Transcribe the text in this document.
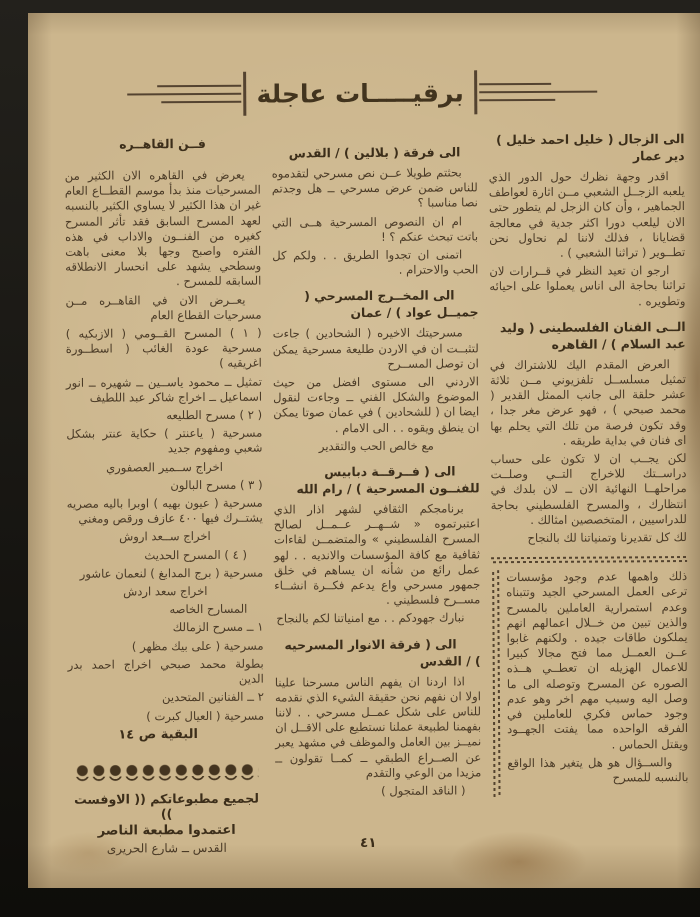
برقيـــــات عاجلة
الى الزجال ( خليل احمد خليل ) دير عمار

اقدر وجهة نظرك حول الدور الذي يلعبه الزجــل الشعبي مــن اثارة لعواطف الجماهير ، وأن كان الزجل لم يتطور حتى الان ليلعب دورا اكثر جدية في معالجة قضايانا ، فذلك لاننا لم نحاول نحن تطــوير ( تراثنا الشعبي ) .

ارجو ان تعيد النظر في قــرارات لان تراثنا بحاجة الى اناس يعملوا على احيائه وتطويره .

الــى الفنان الفلسطينى ( وليد عبد السلام ) / القاهره

العرض المقدم اليك للاشتراك في تمثيل مسلســل تلفزيوني مــن ثلاثة عشر حلقة الى جانب الممثل القدير ( محمد صبحي ) ، فهو عرض مغر جدا ، وقد تكون فرصة من تلك التي يحلم بها اى فنان في بداية طريقه .

لكن يجــب ان لا تكون على حساب دراســتك للاخراج التــي وصلــت مراحلهــا النهائية الان ــ لان بلدك في انتظارك ، والمسرح الفلسطيني بحاجة للدراسيين ، المتخصصين امثالك .

لك كل تقديرنا وتمنياتنا لك بالنجاح

ذلك واهمها عدم وجود مؤسسات ترعى العمل المسرحي الجيد وتتبناه وعدم استمرارية العاملين بالمسرح والذين تبين من خــلال اعمالهم انهم يملكون طاقات جيده . ولكنهم غابوا عــن العمــل مما فتح مجالا كبيرا للاعمال الهزيله ان تعطــي هــذه الصوره عن المسرح وتوصله الى ما وصل اليه وسبب مهم اخر وهو عدم وجود حماس فكري للعاملين في الفرقه الواحده مما يفتت الجهــود ويقتل الحماس .

والســؤال هو هل يتغير هذا الواقع بالنسبه للمسرح

الى فرقة ( بلالين ) / القدس

بحثتم طويلا عــن نص مسرحي لتقدموه للناس ضمن عرض مسرحي ــ هل وجدتم نصا مناسبا ؟

ام ان النصوص المسرحية هــى التي باتت تبحث عنكم ؟ !

اتمنى ان تجدوا الطريق . . ولكم كل الحب والاحترام .

الى المخــرج المسرحي ( جميــل عواد ) / عمان

مسرحيتك الاخيره ( الشحادين ) جاءت لتثبــت ان في الاردن طليعة مسرحية يمكن ان توصل المســرح

الاردني الى مستوى افضل من حيث الموضوع والشكل الفني ــ وجاءت لنقول ايضا ان ( للشحادين ) في عمان صوتا يمكن ان ينطق ويقوه . . الى الامام .

مع خالص الحب والتقدير

الى ( فــرقــة دبابيس للفنــون المسرحية ) / رام الله

برنامجكم الثقافي لشهر اذار الذي اعتبرتموه « شــهــر عــمــل لصالح المسرح الفلسطيني » والمتضمــن لقاءات ثقافية مع كافة المؤسسات والانديه . . لهو عمل رائع من شأنه ان يساهم في خلق جمهور مسرحي واع يدعم فكــرة انشــاء مســرح فلسطيني .

نبارك جهودكم . . مع امنياتنا لكم بالنجاح

الى ( فرقة الانوار المسرحيه ) / القدس

اذا اردنا ان يفهم الناس مسرحنا علينا اولا ان نفهم نحن حقيقة الشيء الذي نقدمه للناس على شكل عمــل مسرحي . . لاننا بفهمنا لطبيعة عملنا نستطيع على الاقــل ان نميــز بين العامل والموظف في مشهد يعبر عن الصــراع الطبقي ــ كمــا تقولون ــ مزيدا من الوعي والتقدم

( الناقد المتجول )

فــن القاهــره

يعرض في القاهره الان الكثير من المسرحيات منذ بدأ موسم القطــاع العام غير ان هذا الكثير لا يساوي الكثير بالنسبه لعهد المسرح السابق فقد تأثر المسرح كغيره من الفنــون والاداب في هذه الفتره واصبح وجها بلا معنى باهت وسطحي يشهد على انحسار الانطلاقه السابقه للمسرح .

يعــرض الان في القاهــره مــن مسرحيات القطاع العام

( ١ ) المسرح القــومي ( الازبكيه ) مسرحية عودة الغائب ( اسطــورة اغريقيه )

تمثيل ــ محمود ياســين ــ شهيره ــ انور اسماعيل ــ اخراج شاكر عبد اللطيف

( ٢ ) مسرح الطليعه

مسرحية ( ياعنتر ) حكاية عنتر بشكل شعبي ومفهوم جديد

اخراج ســمير العصفوري

( ٣ ) مسرح البالون

مسرحية ( عيون بهيه ) اوبرا باليه مصريه يشتــرك فيها ٤٠٠ عازف ورقص ومغني

اخراج ســعد اروش

( ٤ ) المسرح الحديث

مسرحية ( برج المدابغ ) لنعمان عاشور

اخراج سعد اردش

المسارح الخاصه

١ ــ مسرح الزمالك

مسرحية ( على بيك مظهر )

بطولة محمد صبحي اخراج احمد بدر الدين

٢ ــ الفنانين المتحدين

مسرحية ( العيال كبرت )

البقية ص ١٤

لجميع مطبوعاتكم (( الاوفست ))

اعتمدوا مطبعة الناصر

القدس ــ شارع الحريرى	٤١
